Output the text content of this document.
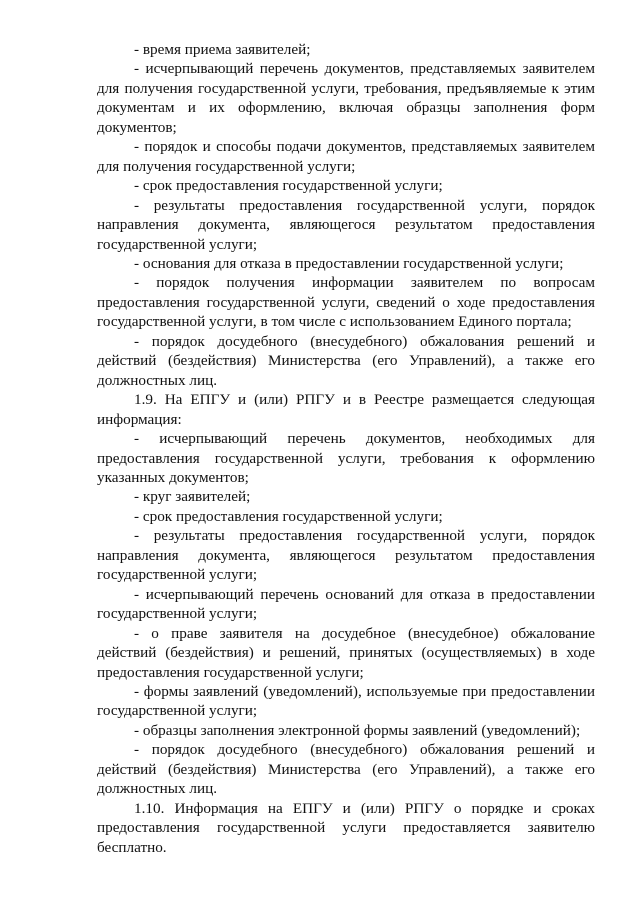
- время приема заявителей;

- исчерпывающий перечень документов, представляемых заявителем для получения государственной услуги, требования, предъявляемые к этим документам и их оформлению, включая образцы заполнения форм документов;

- порядок и способы подачи документов, представляемых заявителем для получения государственной услуги;

- срок предоставления государственной услуги;

- результаты предоставления государственной услуги, порядок направления документа, являющегося результатом предоставления государственной услуги;

- основания для отказа в предоставлении государственной услуги;

- порядок получения информации заявителем по вопросам предоставления государственной услуги, сведений о ходе предоставления государственной услуги, в том числе с использованием Единого портала;

- порядок досудебного (внесудебного) обжалования решений и действий (бездействия) Министерства (его Управлений), а также его должностных лиц.

1.9. На ЕПГУ и (или) РПГУ и в Реестре размещается следующая информация:

- исчерпывающий перечень документов, необходимых для предоставления государственной услуги, требования к оформлению указанных документов;

- круг заявителей;

- срок предоставления государственной услуги;

- результаты предоставления государственной услуги, порядок направления документа, являющегося результатом предоставления государственной услуги;

- исчерпывающий перечень оснований для отказа в предоставлении государственной услуги;

- о праве заявителя на досудебное (внесудебное) обжалование действий (бездействия) и решений, принятых (осуществляемых) в ходе предоставления государственной услуги;

- формы заявлений (уведомлений), используемые при предоставлении государственной услуги;

- образцы заполнения электронной формы заявлений (уведомлений);

- порядок досудебного (внесудебного) обжалования решений и действий (бездействия) Министерства (его Управлений), а также его должностных лиц.

1.10. Информация на ЕПГУ и (или) РПГУ о порядке и сроках предоставления государственной услуги предоставляется заявителю бесплатно.
